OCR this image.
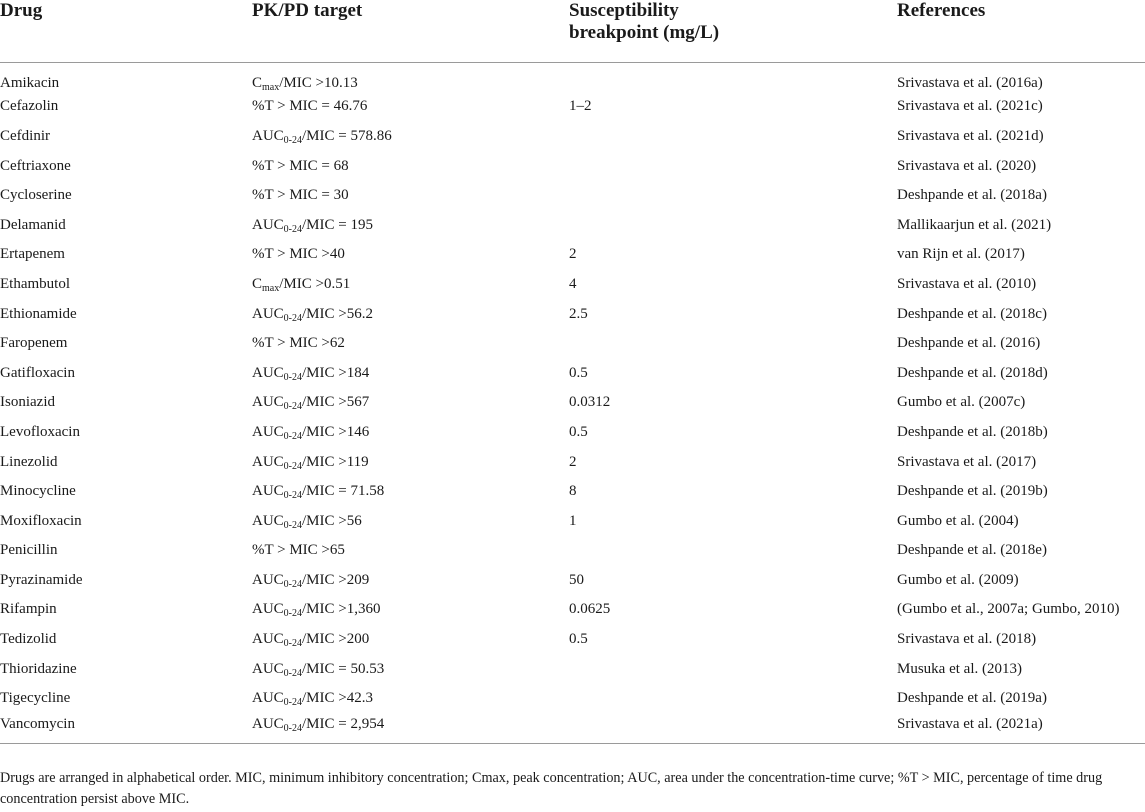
Drug	PK/PD target	Susceptibility breakpoint (mg/L)	References
Amikacin	$C_{max}$/MIC >10.13		Srivastava et al. (2016a)
Cefazolin	%T > MIC = 46.76	1–2	Srivastava et al. (2021c)
Cefdinir	$AUC_{0-24}$/MIC = 578.86		Srivastava et al. (2021d)
Ceftriaxone	%T > MIC = 68		Srivastava et al. (2020)
Cycloserine	%T > MIC = 30		Deshpande et al. (2018a)
Delamanid	$AUC_{0-24}$/MIC = 195		Mallikaarjun et al. (2021)
Ertapenem	%T > MIC >40	2	van Rijn et al. (2017)
Ethambutol	$C_{max}$/MIC >0.51	4	Srivastava et al. (2010)
Ethionamide	$AUC_{0-24}$/MIC >56.2	2.5	Deshpande et al. (2018c)
Faropenem	%T > MIC >62		Deshpande et al. (2016)
Gatifloxacin	$AUC_{0-24}$/MIC >184	0.5	Deshpande et al. (2018d)
Isoniazid	$AUC_{0-24}$/MIC >567	0.0312	Gumbo et al. (2007c)
Levofloxacin	$AUC_{0-24}$/MIC >146	0.5	Deshpande et al. (2018b)
Linezolid	$AUC_{0-24}$/MIC >119	2	Srivastava et al. (2017)
Minocycline	$AUC_{0-24}$/MIC = 71.58	8	Deshpande et al. (2019b)
Moxifloxacin	$AUC_{0-24}$/MIC >56	1	Gumbo et al. (2004)
Penicillin	%T > MIC >65		Deshpande et al. (2018e)
Pyrazinamide	$AUC_{0-24}$/MIC >209	50	Gumbo et al. (2009)
Rifampin	$AUC_{0-24}$/MIC >1,360	0.0625	(Gumbo et al., 2007a; Gumbo, 2010)
Tedizolid	$AUC_{0-24}$/MIC >200	0.5	Srivastava et al. (2018)
Thioridazine	$AUC_{0-24}$/MIC = 50.53		Musuka et al. (2013)
Tigecycline	$AUC_{0-24}$/MIC >42.3		Deshpande et al. (2019a)
Vancomycin	$AUC_{0-24}$/MIC = 2,954		Srivastava et al. (2021a)
Drugs are arranged in alphabetical order. MIC, minimum inhibitory concentration; Cmax, peak concentration; AUC, area under the concentration-time curve; %T > MIC, percentage of time drug concentration persist above MIC.
